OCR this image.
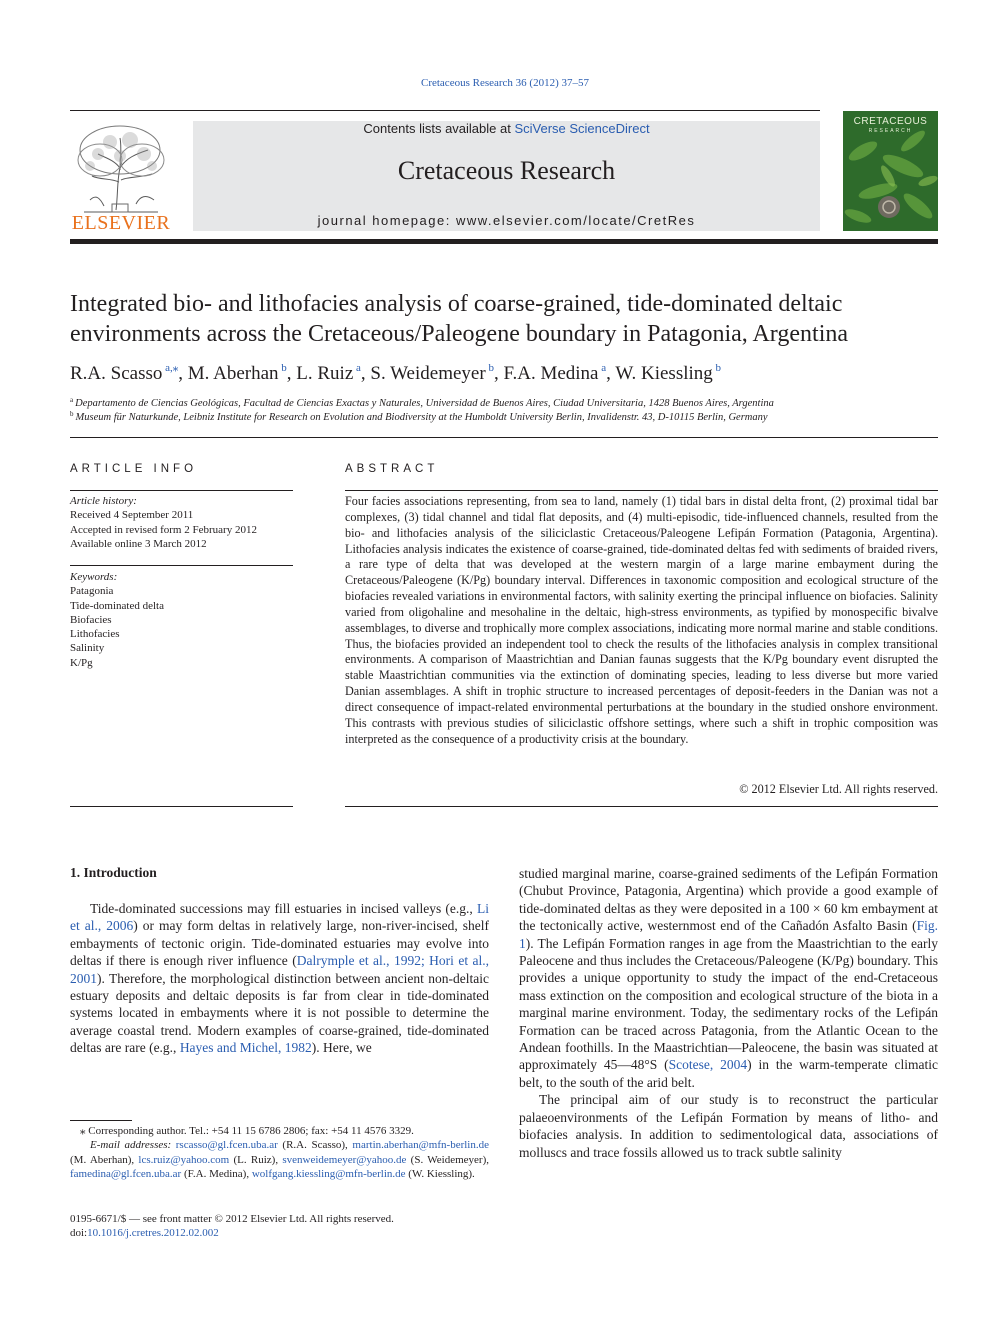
Cretaceous Research 36 (2012) 37–57
ELSEVIER
Contents lists available at SciVerse ScienceDirect
Cretaceous Research
journal homepage: www.elsevier.com/locate/CretRes
CRETACEOUS
RESEARCH
Integrated bio- and lithofacies analysis of coarse-grained, tide-dominated deltaic environments across the Cretaceous/Paleogene boundary in Patagonia, Argentina
R.A. Scasso $^{a,⁎}$, M. Aberhan $^b$, L. Ruiz $^a$, S. Weidemeyer $^b$, F.A. Medina $^a$, W. Kiessling $^b$
$^a$ Departamento de Ciencias Geológicas, Facultad de Ciencias Exactas y Naturales, Universidad de Buenos Aires, Ciudad Universitaria, 1428 Buenos Aires, Argentina
$^b$ Museum für Naturkunde, Leibniz Institute for Research on Evolution and Biodiversity at the Humboldt University Berlin, Invalidenstr. 43, D-10115 Berlin, Germany
ARTICLE INFO
Article history:
Received 4 September 2011
Accepted in revised form 2 February 2012
Available online 3 March 2012
Keywords:
Patagonia
Tide-dominated delta
Biofacies
Lithofacies
Salinity
K/Pg
ABSTRACT
Four facies associations representing, from sea to land, namely (1) tidal bars in distal delta front, (2) proximal tidal bar complexes, (3) tidal channel and tidal flat deposits, and (4) multi-episodic, tide-influenced channels, resulted from the bio- and lithofacies analysis of the siliciclastic Cretaceous/Paleogene Lefipán Formation (Patagonia, Argentina). Lithofacies analysis indicates the existence of coarse-grained, tide-dominated deltas fed with sediments of braided rivers, a rare type of delta that was developed at the western margin of a large marine embayment during the Cretaceous/Paleogene (K/Pg) boundary interval. Differences in taxonomic composition and ecological structure of the biofacies revealed variations in environmental factors, with salinity exerting the principal influence on biofacies. Salinity varied from oligohaline and mesohaline in the deltaic, high-stress environments, as typified by monospecific bivalve assemblages, to diverse and trophically more complex associations, indicating more normal marine and stable conditions. Thus, the biofacies provided an independent tool to check the results of the lithofacies analysis in complex transitional environments. A comparison of Maastrichtian and Danian faunas suggests that the K/Pg boundary event disrupted the stable Maastrichtian communities via the extinction of dominating species, leading to less diverse but more varied Danian assemblages. A shift in trophic structure to increased percentages of deposit-feeders in the Danian was not a direct consequence of impact-related environmental perturbations at the boundary in the studied onshore environment. This contrasts with previous studies of siliciclastic offshore settings, where such a shift in trophic composition was interpreted as the consequence of a productivity crisis at the boundary.
© 2012 Elsevier Ltd. All rights reserved.
1. Introduction

Tide-dominated successions may fill estuaries in incised valleys (e.g., Li et al., 2006) or may form deltas in relatively large, non-river-incised, shelf embayments of tectonic origin. Tide-dominated estuaries may evolve into deltas if there is enough river influence (Dalrymple et al., 1992; Hori et al., 2001). Therefore, the morphological distinction between ancient non-deltaic estuary deposits and deltaic deposits is far from clear in tide-dominated systems located in embayments where it is not possible to determine the average coastal trend. Modern examples of coarse-grained, tide-dominated deltas are rare (e.g., Hayes and Michel, 1982). Here, we

studied marginal marine, coarse-grained sediments of the Lefipán Formation (Chubut Province, Patagonia, Argentina) which provide a good example of tide-dominated deltas as they were deposited in a 100 × 60 km embayment at the tectonically active, westernmost end of the Cañadón Asfalto Basin (Fig. 1). The Lefipán Formation ranges in age from the Maastrichtian to the early Paleocene and thus includes the Cretaceous/Paleogene (K/Pg) boundary. This provides a unique opportunity to study the impact of the end-Cretaceous mass extinction on the composition and ecological structure of the biota in a marginal marine environment. Today, the sedimentary rocks of the Lefipán Formation can be traced across Patagonia, from the Atlantic Ocean to the Andean foothills. In the Maastrichtian—Paleocene, the basin was situated at approximately 45—48°S (Scotese, 2004) in the warm-temperate climatic belt, to the south of the arid belt.

The principal aim of our study is to reconstruct the particular palaeoenvironments of the Lefipán Formation by means of litho- and biofacies analysis. In addition to sedimentological data, associations of molluscs and trace fossils allowed us to track subtle salinity

⁎ Corresponding author. Tel.: +54 11 15 6786 2806; fax: +54 11 4576 3329.
E-mail addresses: rscasso@gl.fcen.uba.ar (R.A. Scasso), martin.aberhan@mfn-berlin.de (M. Aberhan), lcs.ruiz@yahoo.com (L. Ruiz), svenweidemeyer@yahoo.de (S. Weidemeyer), famedina@gl.fcen.uba.ar (F.A. Medina), wolfgang.kiessling@mfn-berlin.de (W. Kiessling).
0195-6671/$ — see front matter © 2012 Elsevier Ltd. All rights reserved.
doi:10.1016/j.cretres.2012.02.002
